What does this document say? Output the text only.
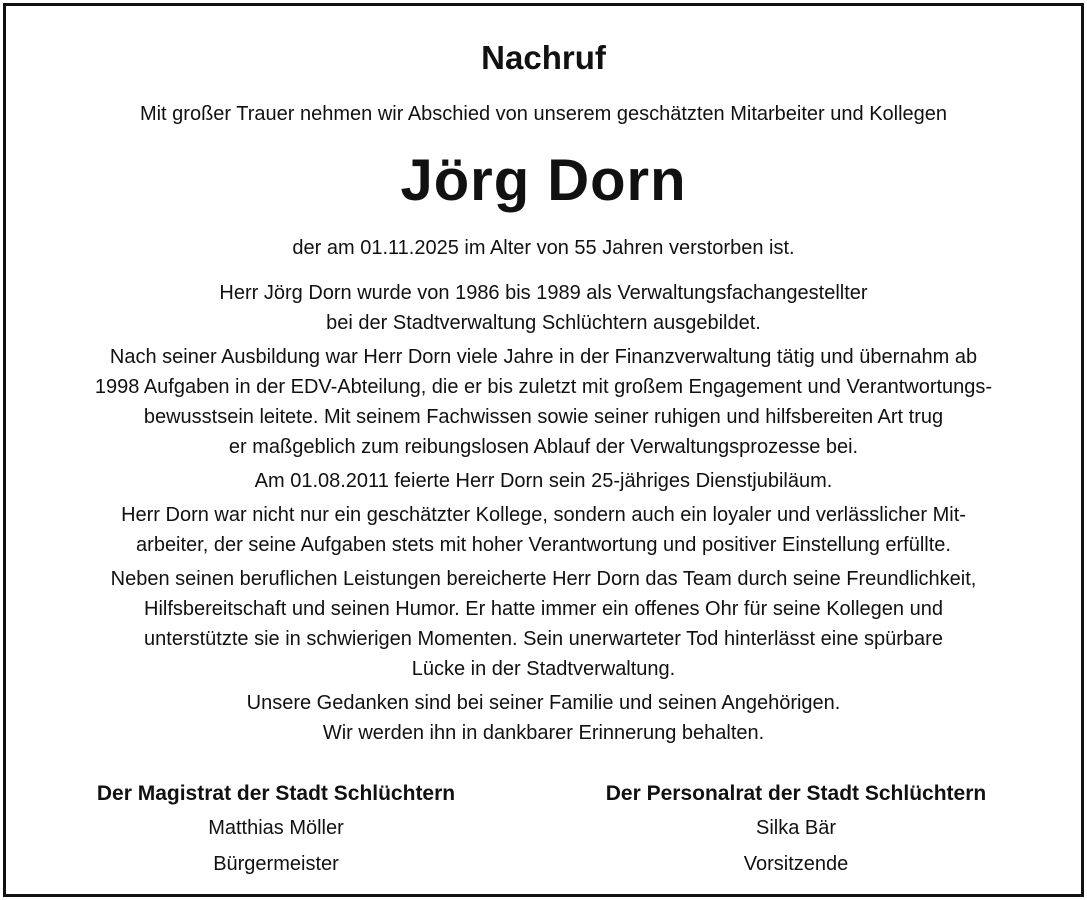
Nachruf
Mit großer Trauer nehmen wir Abschied von unserem geschätzten Mitarbeiter und Kollegen
Jörg Dorn
der am 01.11.2025 im Alter von 55 Jahren verstorben ist.

Herr Jörg Dorn wurde von 1986 bis 1989 als Verwaltungsfachangestellter

bei der Stadtverwaltung Schlüchtern ausgebildet.

Nach seiner Ausbildung war Herr Dorn viele Jahre in der Finanzverwaltung tätig und übernahm ab

1998 Aufgaben in der EDV-Abteilung, die er bis zuletzt mit großem Engagement und Verantwortungs-

bewusstsein leitete. Mit seinem Fachwissen sowie seiner ruhigen und hilfsbereiten Art trug

er maßgeblich zum reibungslosen Ablauf der Verwaltungsprozesse bei.

Am 01.08.2011 feierte Herr Dorn sein 25-jähriges Dienstjubiläum.

Herr Dorn war nicht nur ein geschätzter Kollege, sondern auch ein loyaler und verlässlicher Mit-

arbeiter, der seine Aufgaben stets mit hoher Verantwortung und positiver Einstellung erfüllte.

Neben seinen beruflichen Leistungen bereicherte Herr Dorn das Team durch seine Freundlichkeit,

Hilfsbereitschaft und seinen Humor. Er hatte immer ein offenes Ohr für seine Kollegen und

unterstützte sie in schwierigen Momenten. Sein unerwarteter Tod hinterlässt eine spürbare

Lücke in der Stadtverwaltung.

Unsere Gedanken sind bei seiner Familie und seinen Angehörigen.

Wir werden ihn in dankbarer Erinnerung behalten.

Der Magistrat der Stadt Schlüchtern
Matthias Möller
Bürgermeister
Der Personalrat der Stadt Schlüchtern
Silka Bär
Vorsitzende
